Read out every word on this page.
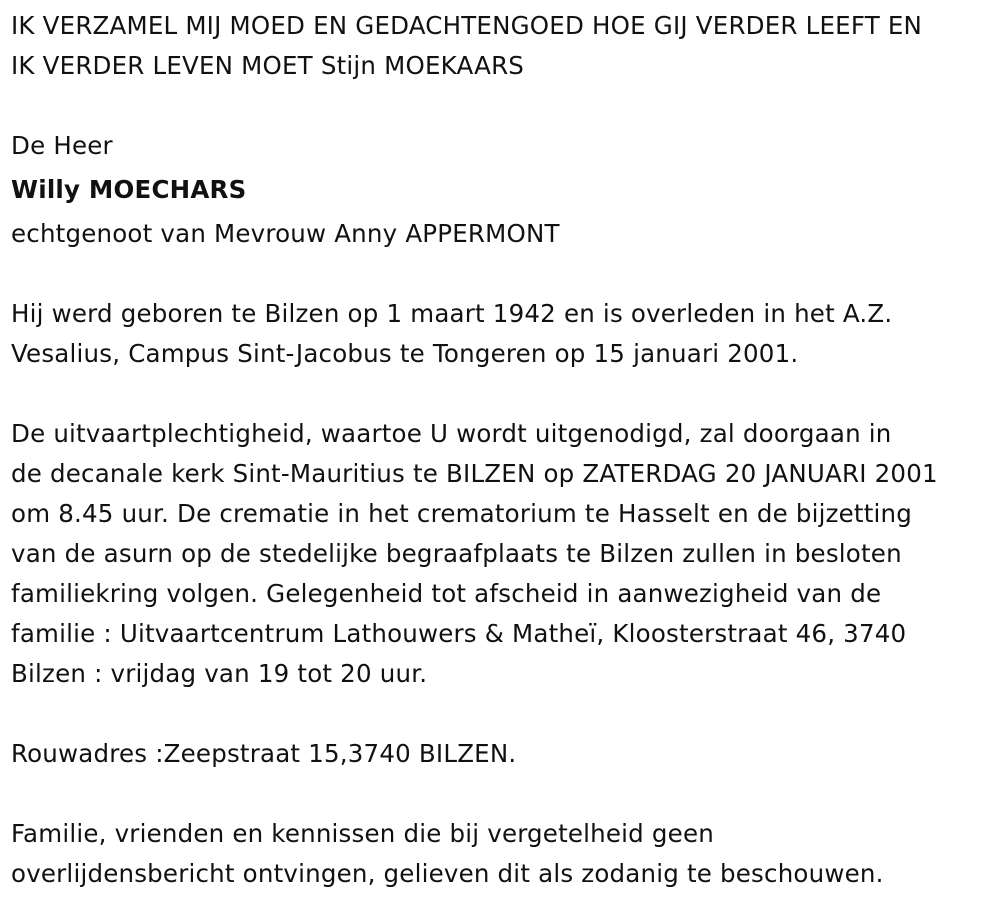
IK VERZAMEL MIJ MOED EN GEDACHTENGOED HOE GIJ VERDER LEEFT EN
IK VERDER LEVEN MOET Stijn MOEKAARS
De Heer
Willy MOECHARS
echtgenoot van Mevrouw Anny APPERMONT
Hij werd geboren te Bilzen op 1 maart 1942 en is overleden in het A.Z.
Vesalius, Campus Sint-Jacobus te Tongeren op 15 januari 2001.
De uitvaartplechtigheid, waartoe U wordt uitgenodigd, zal doorgaan in
de decanale kerk Sint-Mauritius te BILZEN op ZATERDAG 20 JANUARI 2001
om 8.45 uur. De crematie in het crematorium te Hasselt en de bijzetting
van de asurn op de stedelijke begraafplaats te Bilzen zullen in besloten
familiekring volgen. Gelegenheid tot afscheid in aanwezigheid van de
familie : Uitvaartcentrum Lathouwers & Matheï, Kloosterstraat 46, 3740
Bilzen : vrijdag van 19 tot 20 uur.
Rouwadres :Zeepstraat 15,3740 BILZEN.
Familie, vrienden en kennissen die bij vergetelheid geen
overlijdensbericht ontvingen, gelieven dit als zodanig te beschouwen.
